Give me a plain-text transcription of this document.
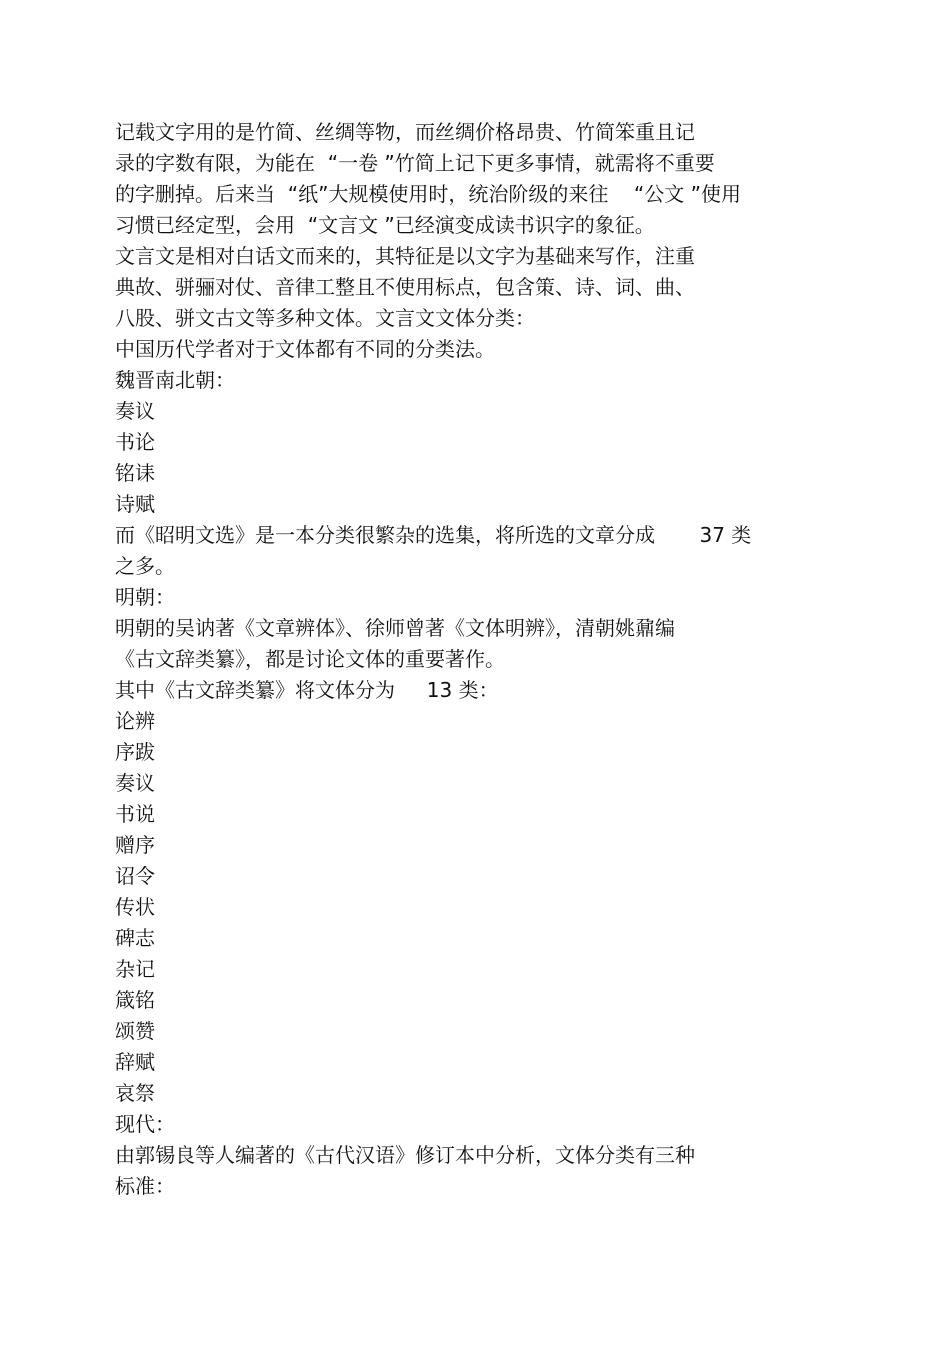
记载文字用的是竹简、丝绸等物，而丝绸价格昂贵、竹简笨重且记
录的字数有限，为能在  “一卷 ”竹简上记下更多事情，就需将不重要
的字删掉。后来当  “纸”大规模使用时，统治阶级的来往    “公文 ”使用
习惯已经定型，会用  “文言文 ”已经演变成读书识字的象征。
文言文是相对白话文而来的，其特征是以文字为基础来写作，注重
典故、骈骊对仗、音律工整且不使用标点，包含策、诗、词、曲、
八股、骈文古文等多种文体。文言文文体分类：
中国历代学者对于文体都有不同的分类法。
魏晋南北朝：
奏议
书论
铭诔
诗赋
而《昭明文选》是一本分类很繁杂的选集，将所选的文章分成       37 类
之多。
明朝：
明朝的吴讷著《文章辨体》、徐师曾著《文体明辨》，清朝姚鼐编
《古文辞类纂》，都是讨论文体的重要著作。
其中《古文辞类纂》将文体分为     13 类：
论辨
序跋
奏议
书说
赠序
诏令
传状
碑志
杂记
箴铭
颂赞
辞赋
哀祭
现代：
由郭锡良等人编著的《古代汉语》修订本中分析，文体分类有三种
标准：
